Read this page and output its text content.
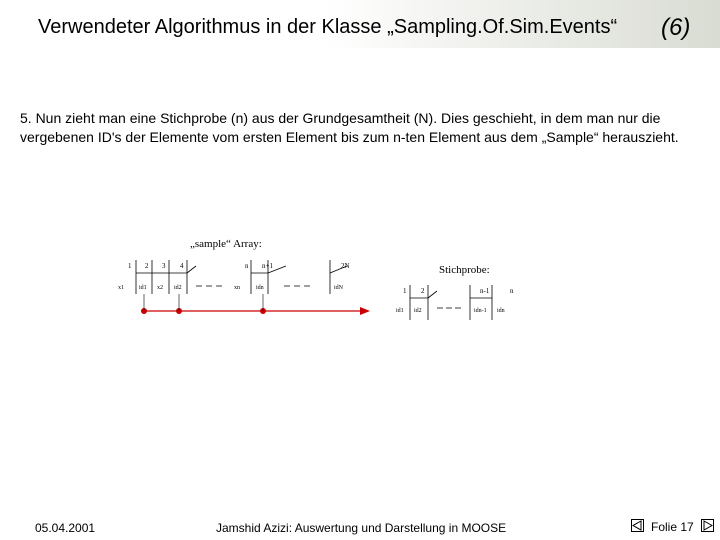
Verwendeter Algorithmus in der Klasse „Sampling.Of.Sim.Events“ (6)
5. Nun zieht man eine Stichprobe (n) aus der Grundgesamtheit (N). Dies geschieht, in dem man nur die vergebenen ID's der Elemente vom ersten Element bis zum n-ten Element aus dem „Sample“ herauszieht.
„sample“ Array:
1 2 3 4	n n+1	2N
x1	id1 x2 id2	xn	idn	idN
Stichprobe:
1 2	n-1	n
id1 id2	idn-1 idn
05.04.2001	Jamshid Azizi: Auswertung und Darstellung in MOOSE	Folie 17
